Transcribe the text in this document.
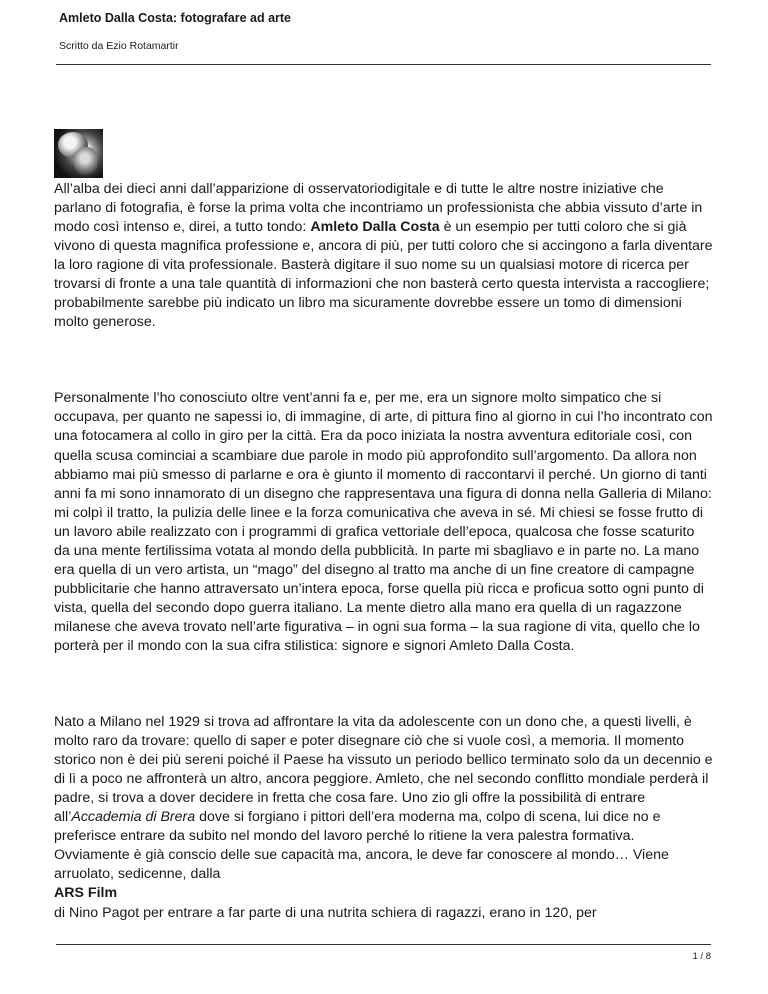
Amleto Dalla Costa: fotografare ad arte

Scritto da Ezio Rotamartir

All’alba dei dieci anni dall’apparizione di osservatoriodigitale e di tutte le altre nostre iniziative che parlano di fotografia, è forse la prima volta che incontriamo un professionista che abbia vissuto d’arte in modo così intenso e, direi, a tutto tondo: Amleto Dalla Costa è un esempio per tutti coloro che si già vivono di questa magnifica professione e, ancora di più, per tutti coloro che si accingono a farla diventare la loro ragione di vita professionale. Basterà digitare il suo nome su un qualsiasi motore di ricerca per trovarsi di fronte a una tale quantità di informazioni che non basterà certo questa intervista a raccogliere; probabilmente sarebbe più indicato un libro ma sicuramente dovrebbe essere un tomo di dimensioni molto generose.

Personalmente l’ho conosciuto oltre vent’anni fa e, per me, era un signore molto simpatico che si occupava, per quanto ne sapessi io, di immagine, di arte, di pittura fino al giorno in cui l’ho incontrato con una fotocamera al collo in giro per la città. Era da poco iniziata la nostra avventura editoriale così, con quella scusa cominciai a scambiare due parole in modo più approfondito sull’argomento. Da allora non abbiamo mai più smesso di parlarne e ora è giunto il momento di raccontarvi il perché. Un giorno di tanti anni fa mi sono innamorato di un disegno che rappresentava una figura di donna nella Galleria di Milano: mi colpì il tratto, la pulizia delle linee e la forza comunicativa che aveva in sé. Mi chiesi se fosse frutto di un lavoro abile realizzato con i programmi di grafica vettoriale dell’epoca, qualcosa che fosse scaturito da una mente fertilissima votata al mondo della pubblicità. In parte mi sbagliavo e in parte no. La mano era quella di un vero artista, un “mago” del disegno al tratto ma anche di un fine creatore di campagne pubblicitarie che hanno attraversato un’intera epoca, forse quella più ricca e proficua sotto ogni punto di vista, quella del secondo dopo guerra italiano. La mente dietro alla mano era quella di un ragazzone milanese che aveva trovato nell’arte figurativa – in ogni sua forma – la sua ragione di vita, quello che lo porterà per il mondo con la sua cifra stilistica: signore e signori Amleto Dalla Costa.

Nato a Milano nel 1929 si trova ad affrontare la vita da adolescente con un dono che, a questi livelli, è molto raro da trovare: quello di saper e poter disegnare ciò che si vuole così, a memoria. Il momento storico non è dei più sereni poiché il Paese ha vissuto un periodo bellico terminato solo da un decennio e di lì a poco ne affronterà un altro, ancora peggiore. Amleto, che nel secondo conflitto mondiale perderà il padre, si trova a dover decidere in fretta che cosa fare. Uno zio gli offre la possibilità di entrare all’Accademia di Brera dove si forgiano i pittori dell’era moderna ma, colpo di scena, lui dice no e preferisce entrare da subito nel mondo del lavoro perché lo ritiene la vera palestra formativa. Ovviamente è già conscio delle sue capacità ma, ancora, le deve far conoscere al mondo… Viene arruolato, sedicenne, dalla
ARS Film
di Nino Pagot per entrare a far parte di una nutrita schiera di ragazzi, erano in 120, per

1 / 8
